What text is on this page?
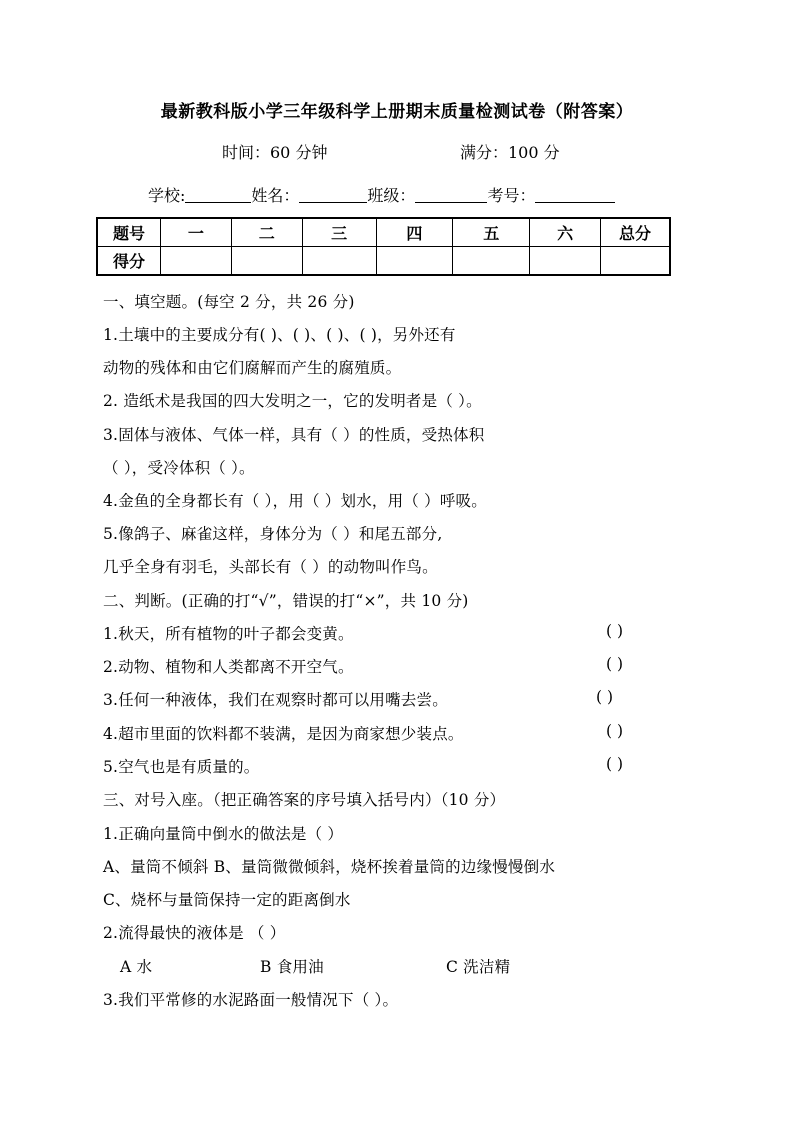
最新教科版小学三年级科学上册期末质量检测试卷（附答案）
时间：60 分钟	满分：100 分
学校:	姓名：	班级：	考号：
题号	一	二	三	四	五	六	总分
得分							
一、填空题。(每空 2 分，共 26 分)
1.土壤中的主要成分有( )、( )、( )、( )，另外还有
动物的残体和由它们腐解而产生的腐殖质。
2. 造纸术是我国的四大发明之一，它的发明者是（ ）。
3.固体与液体、气体一样，具有（ ）的性质，受热体积
（ ），受冷体积（ ）。
4.金鱼的全身都长有（ ），用（ ）划水，用（ ）呼吸。
5.像鸽子、麻雀这样，身体分为（ ）和尾五部分,
几乎全身有羽毛，头部长有（ ）的动物叫作鸟。
二、判断。(正确的打“√”，错误的打“×”，共 10 分)
1.秋天，所有植物的叶子都会变黄。	( )
2.动物、植物和人类都离不开空气。	( )
3.任何一种液体，我们在观察时都可以用嘴去尝。	( )
4.超市里面的饮料都不装满，是因为商家想少装点。	( )
5.空气也是有质量的。	( )
三、对号入座。（把正确答案的序号填入括号内）（10 分）
1.正确向量筒中倒水的做法是（ ）
A、量筒不倾斜 B、量筒微微倾斜，烧杯挨着量筒的边缘慢慢倒水
C、烧杯与量筒保持一定的距离倒水
2.流得最快的液体是 （ ）
A 水	B 食用油	C 洗洁精
3.我们平常修的水泥路面一般情况下（ ）。
